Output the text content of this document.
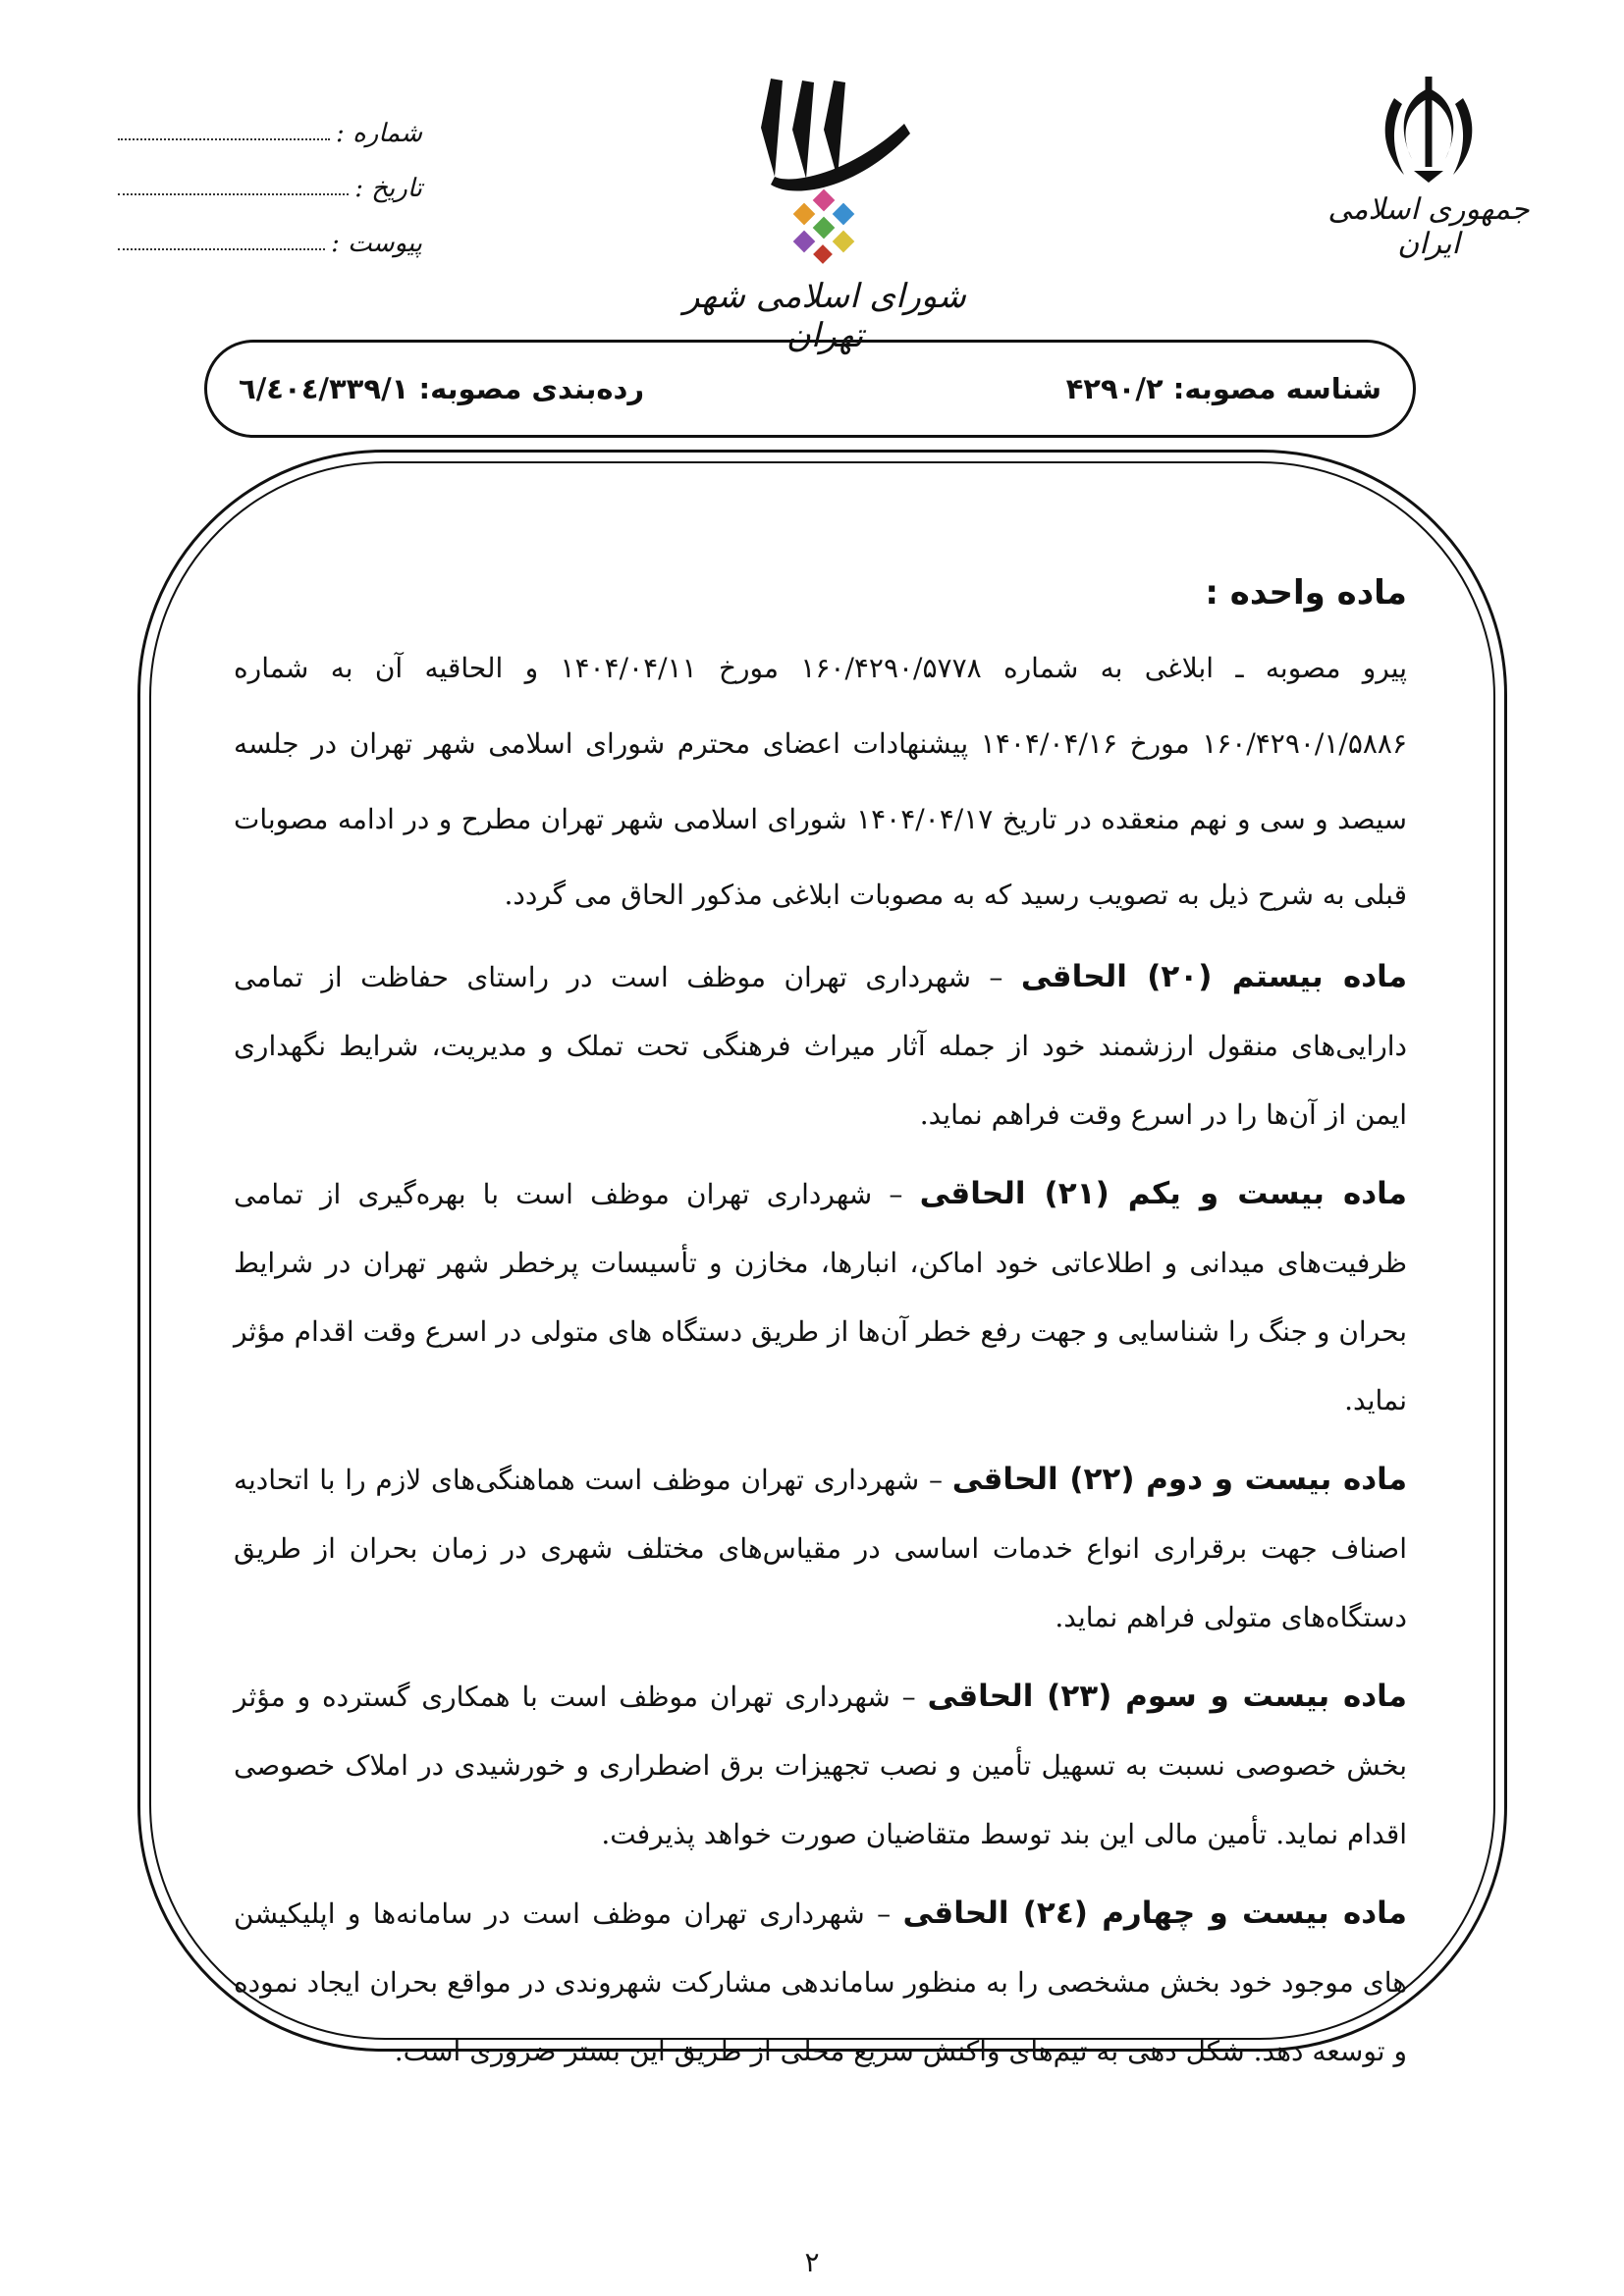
جمهوری اسلامی ایران
شورای اسلامی شهر تهران
شماره :
تاریخ :
پیوست :
شناسه مصوبه: ۴۲۹۰/۲
رده‌بندی مصوبه: ٦/٤٠٤/٣٣٩/١
ماده واحده :

پیرو مصوبه ـ ابلاغی به شماره ۱۶۰/۴۲۹۰/۵۷۷۸ مورخ ۱۴۰۴/۰۴/۱۱ و الحاقیه آن به شماره ۱۶۰/۴۲۹۰/۱/۵۸۸۶ مورخ ۱۴۰۴/۰۴/۱۶ پیشنهادات اعضای محترم شورای اسلامی شهر تهران در جلسه سیصد و سی و نهم منعقده در تاریخ ۱۴۰۴/۰۴/۱۷ شورای اسلامی شهر تهران مطرح و در ادامه مصوبات قبلی به شرح ذیل به تصویب رسید که به مصوبات ابلاغی مذکور الحاق می گردد.

ماده بیستم (۲۰) الحاقی – شهرداری تهران موظف است در راستای حفاظت از تمامی دارایی‌های منقول ارزشمند خود از جمله آثار میراث فرهنگی تحت تملک و مدیریت، شرایط نگهداری ایمن از آن‌ها را در اسرع وقت فراهم نماید.

ماده بیست و یکم (۲۱) الحاقی – شهرداری تهران موظف است با بهره‌گیری از تمامی ظرفیت‌های میدانی و اطلاعاتی خود اماکن، انبارها، مخازن و تأسیسات پرخطر شهر تهران در شرایط بحران و جنگ را شناسایی و جهت رفع خطر آن‌ها از طریق دستگاه های متولی در اسرع وقت اقدام مؤثر نماید.

ماده بیست و دوم (۲۲) الحاقی – شهرداری تهران موظف است هماهنگی‌های لازم را با اتحادیه اصناف جهت برقراری انواع خدمات اساسی در مقیاس‌های مختلف شهری در زمان بحران از طریق دستگاه‌های متولی فراهم نماید.

ماده بیست و سوم (۲۳) الحاقی – شهرداری تهران موظف است با همکاری گسترده و مؤثر بخش خصوصی نسبت به تسهیل تأمین و نصب تجهیزات برق اضطراری و خورشیدی در املاک خصوصی اقدام نماید. تأمین مالی این بند توسط متقاضیان صورت خواهد پذیرفت.

ماده بیست و چهارم (٢٤) الحاقی – شهرداری تهران موظف است در سامانه‌ها و اپلیکیشن های موجود خود بخش مشخصی را به منظور ساماندهی مشارکت شهروندی در مواقع بحران ایجاد نموده و توسعه دهد. شکل دهی به تیم‌های واکنش سریع محلی از طریق این بستر ضروری است.

۲
